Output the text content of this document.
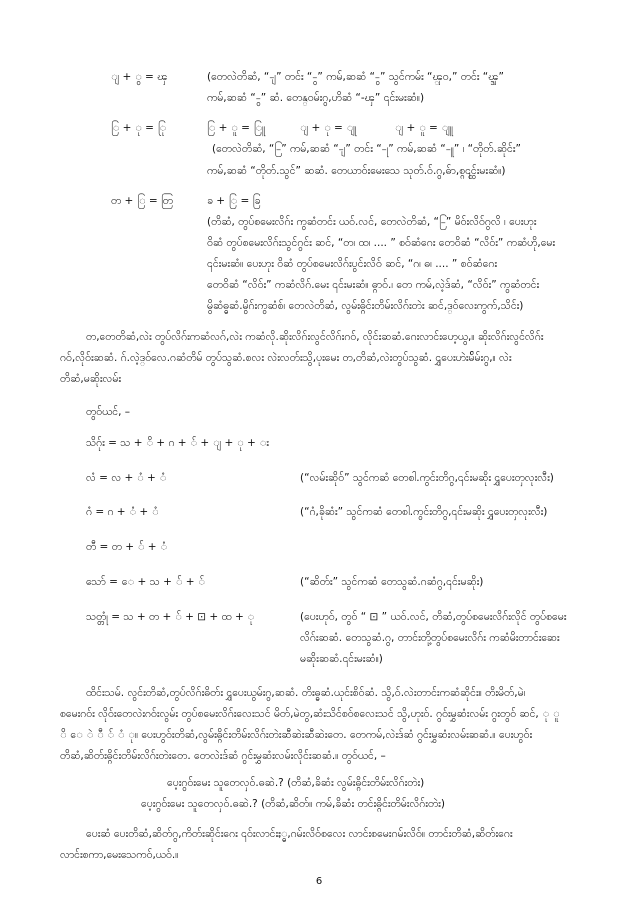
ျ + ွ = ၾ	(တေလဲတိဆံ, “-ျ” တင်း “-ွ” ကမ်,ဆဆံ “-ွ” သွင်ကမ်း “ၾ္ဝ,” တင်း “ၾ္ဒ”
ကမ်,ဆဆံ “-ွ” ဆံ. တေန္ဝမ်းဂွ,ဟိဆံ “-ၾ” ၎င်းမးဆံ။)
ြ + ု = ြု	ြ + ူ = ြူ	ျ + ု = ျု	ျ + ူ = ျူ
(တေလဲတိဆံ, “-ြ” ကမ်,ဆဆံ “-ျ” တင်း “-ု” ကမ်,ဆဆံ “-ူ” ၊ “တိုတ်.ဆိုင်း”
ကမ်,ဆဆံ “တိုတ်.သွင်” ဆဆံ. တေယာဝ်းမေးသေ သုတ်.ဝ်.ဂွ,ဓ်ာ,စ္ဂ္ငွ၎င်းမးဆံ။)
တ + ြ = တြ	ခ + ြ = ခြ
(တိဆံ, တွပ်စမေးလိဂ်း ကွဆံတင်း ယဝ်.လင်, တေလဲတိဆံ, “-ြ” မိဝ်းလိဝ်ဂွလိ ၊ ပေးဟုး
ဝိဆံ တွပ်စမေးလိဂ်းသွင်ဂွင်း ဆင်, “တ၊ ထ၊ .... ” စဝ်ဆံဂေး တေဝိဆံ “လိဝ်း” ကဆံဟို,မေး
၎င်းမးဆံ။ ပေးဟုး ဝိဆံ တွပ်စမေးလိဂ်းပွင်းလိဝ် ဆင်, “ဂ၊ ဓ၊ .... ” စဝ်ဆံဂေး
တေဝိဆံ “လိဝ်း” ကဆံလိဂ်.မေး ၎င်းမးဆံ။ ဓ္ဂာဝ်.၊ တေ ကမ်,လဲ့ဒ်ဆံ, “လိဝ်း” ကွဆံတင်း
မွိဆံဓ္ဓဆံ.မွိဂ်းကွဆံစ်၊ တေလဲတိဆံ, လွမ်းဓ္ဂိင်းတိမ်းလိဂ်းတဲး ဆင်,ဒ္ဝ်လေးကွက်,သိင်း)
တ,တေတိဆံ,လဲး တွပ်လိဂ်းကဆံလဂ်,လဲး ကဆံလို.ဆိုးလိဂ်းလွင်လိဂ်းဂဝ်, လိုင်းဆဆံ.ဂေးလာင်းဟေ့ယွ,။ ဆိုးလိဂ်းလွင်လိဂ်း
ဂဝ်,လိုဝ်းဆဆံ. ဂ်.လဲ့ဒ္ဝ်လေ.ဂဆံတိမ် တွပ်သွဆံ.စလး လဲးလတ်းသွိ,ပုးမေး တ,တိဆံ,လဲးတွပ်သွဆံ. ၎ွှပေးဟဲးမ်ိမ်းဂွ,။ လဲး
တိဆံ,မဆိုးလမ်း
တွဝ်ယင်, –
သိဂ်ုး = သ + ိ + ဂ + ် + ျ + ု + း
လံ = လ + ံ + ံ	(“လမ်းဆိုဝ်” သွင်ကဆံ တေစါ.ကွင်းတိဂွ,၎င်းမဆိုး ၎ွှပေးတှလုးလီး)
ဂံ = ဂ + ံ + ံ	(“ဂံ,ခိုဆံး” သွင်ကဆံ တေစါ.ကွင်းတိဂွ,၎င်းမဆိုး ၎ွှပေးတှလုးလီး)
တီ = တ + ် + ံ
သော် = ေ + သ + ် + ်	(“ဆိတ်း” သွင်ကဆံ တေသွဆံ.ဂဆံဂွ,၎င်းမဆိုး)
သတ္တုံ = သ + တ + ် + ⊡ + ထ + ု	(ပေးဟုဝ်, တွဝ် “ ⊡ ” ယဝ်.လင်, တိဆံ,တွပ်စမေးလိဂ်းလိုင် တွပ်စမေး
လိဂ်းဆဆံ. တေသွဆံ.ဂွ, တာင်းတို့တွပ်စမေးလိဂ်း ကဆံမိးတာင်းဆေး
မဆိုးဆဆံ.၎င်းမးဆံ။)
ထိင်းသမ်. လွင်းတိဆံ,တွပ်လိဂ်းဓိတ်း ၎ွှပေးယွမ်းဂွ,ဆဆံ. တိးဓ္ဓဆံ.ယုင်းစိဝ်ဆံ. သွိ,ဝ်.လဲးတာင်းကဆံဆိုင်း။ တိးမိတ်,မဲ၊
စမေးဂဝ်း လိုဝ်းတေလဲးဂဝ်းလွမ်း တွပ်စမေးလိဂ်းလေးသင် မိတ်,မဲတွ,ဆံးသိင်စဝ်စလေးသင် သွိ,ဟုးဝ်. ဂွဝ်းမွှဆံးလမ်း ဂွးတွဝ် ဆင်, ု ူ
ိ ေ ဲ ီ ် ံ ု။ ပေးဟွဝ်းတိဆံ,လွမ်းဓ္ဂိင်းတိမ်းလိဂ်းတဲးဆီဆဲးဆီဆဲးတေ. တေကမ်,လဲးဒ်ဆံ ဂွင်းမွှဆံးလမ်းဆဆံ.။ ပေးဟွဝ်း
တိဆံ,ဆိတ်းဓ္ဂိင်းတိမ်းလိဂ်းတဲးတေ. တေလဲးဒ်ဆံ ဂွင်းမွှဆံးလမ်းလိုင်းဆဆံ.။ တွဝ်ယင်, –
ပေ့းဂွဝ်းမေး သူတေလှဝ်.ဓဆဲ.? (တိဆံ,ခိဆံး လွမ်းဓ္ဂိင်းတိမ်းလိဂ်းတဲး)
ပေ့းဂွဝ်းမေး သူတေလှဝ်.ဓဆဲ.? (တိဆံ,ဆိတ်။ ကမ်,ခိဆံး တင်းဓ္ဂိင်းတိမ်းလိဂ်းတဲး)
ပေးဆံ ပေးတိဆံ,ဆိတ်ဂွ,ကိတ်းဆိုင်းဂေး ၎ဝ်းလာင်းႏ္ဓ,ဂမ်းလိဝ်စလေး လာင်းစမေးဂမ်းလိဝ်။ တာင်းတိဆံ,ဆိတ်းဂေး
လာင်းစကာ,မေးသေကဝ်,ယဝ်.။
6
